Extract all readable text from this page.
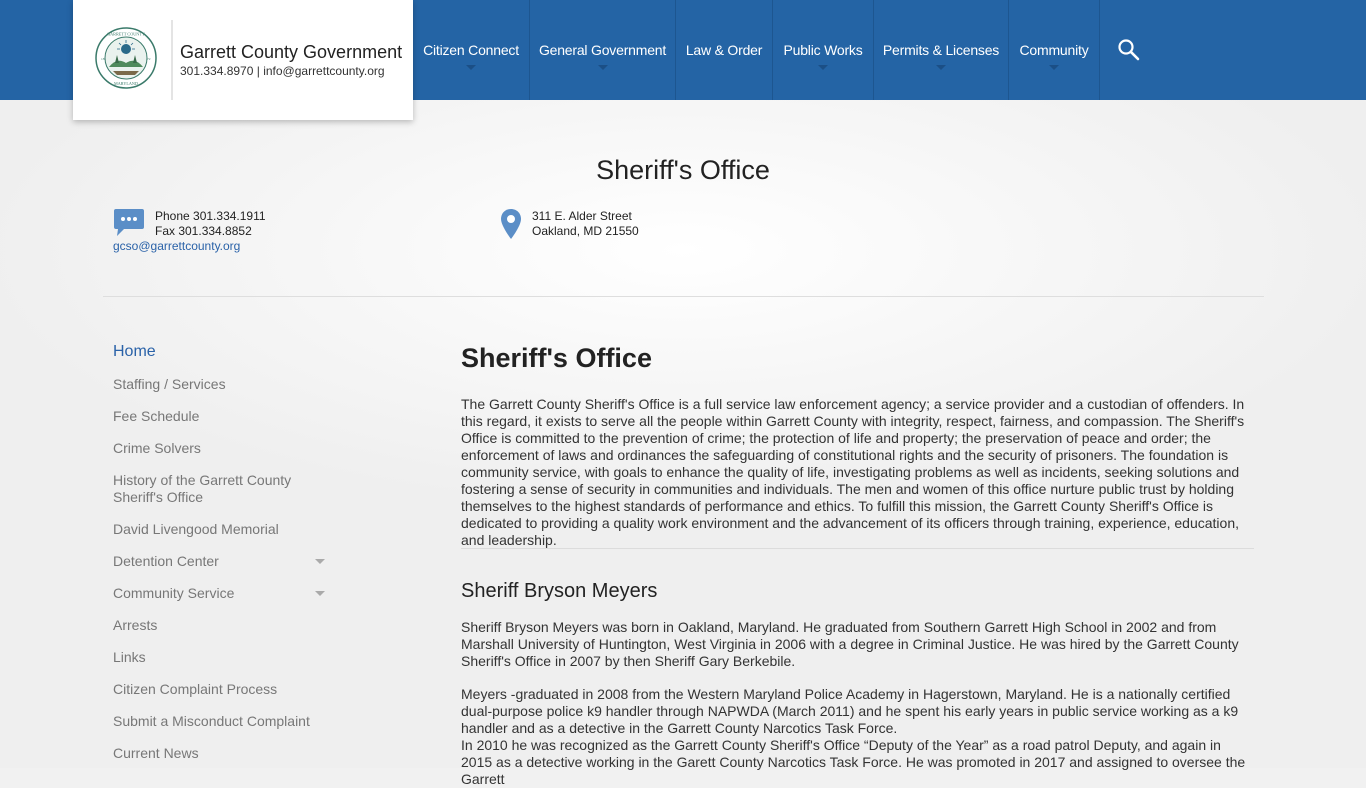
Citizen Connect General Government Law & Order Public Works Permits & Licenses Community
GARRETT COUNTY
MARYLAND
18	72 Garrett County Government
301.334.8970 | info@garrettcounty.org
Sheriff's Office
Phone 301.334.1911
Fax 301.334.8852
gcso@garrettcounty.org
311 E. Alder Street
Oakland, MD 21550
Home
Staffing / Services
Fee Schedule
Crime Solvers
History of the Garrett County Sheriff's Office
David Livengood Memorial
Detention Center
Community Service
Arrests
Links
Citizen Complaint Process
Submit a Misconduct Complaint
Current News
Sheriff's Office

The Garrett County Sheriff's Office is a full service law enforcement agency; a service provider and a custodian of offenders. In this regard, it exists to serve all the people within Garrett County with integrity, respect, fairness, and compassion. The Sheriff's Office is committed to the prevention of crime; the protection of life and property; the preservation of peace and order; the enforcement of laws and ordinances the safeguarding of constitutional rights and the security of prisoners. The foundation is community service, with goals to enhance the quality of life, investigating problems as well as incidents, seeking solutions and fostering a sense of security in communities and individuals. The men and women of this office nurture public trust by holding themselves to the highest standards of performance and ethics. To fulfill this mission, the Garrett County Sheriff's Office is dedicated to providing a quality work environment and the advancement of its officers through training, experience, education, and leadership.

Sheriff Bryson Meyers

Sheriff Bryson Meyers was born in Oakland, Maryland. He graduated from Southern Garrett High School in 2002 and from Marshall University of Huntington, West Virginia in 2006 with a degree in Criminal Justice. He was hired by the Garrett County Sheriff's Office in 2007 by then Sheriff Gary Berkebile.

Meyers -graduated in 2008 from the Western Maryland Police Academy in Hagerstown, Maryland. He is a nationally certified dual-purpose police k9 handler through NAPWDA (March 2011) and he spent his early years in public service working as a k9 handler and as a detective in the Garrett County Narcotics Task Force.

In 2010 he was recognized as the Garrett County Sheriff's Office “Deputy of the Year” as a road patrol Deputy, and again in 2015 as a detective working in the Garett County Narcotics Task Force. He was promoted in 2017 and assigned to oversee the Garrett
